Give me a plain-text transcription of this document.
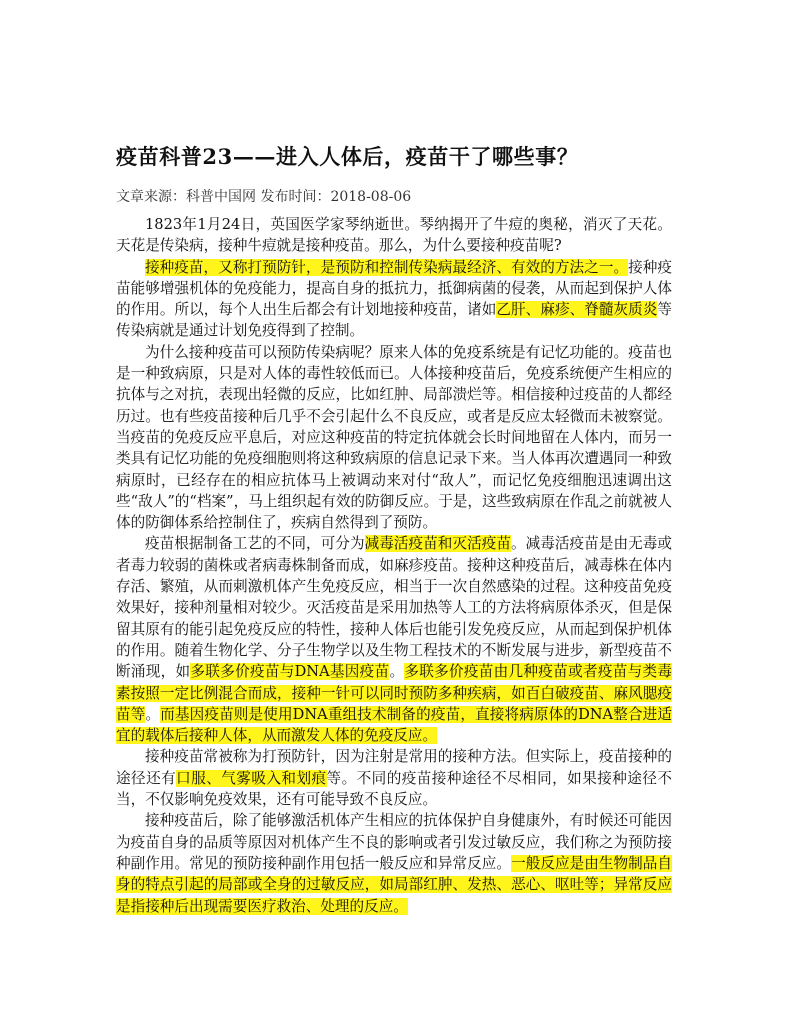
疫苗科普23——进入人体后，疫苗干了哪些事？
文章来源：科普中国网 发布时间：2018-08-06

1823年1月24日，英国医学家琴纳逝世。琴纳揭开了牛痘的奥秘，消灭了天花。天花是传染病，接种牛痘就是接种疫苗。那么，为什么要接种疫苗呢?

接种疫苗，又称打预防针，是预防和控制传染病最经济、有效的方法之一。接种疫苗能够增强机体的免疫能力，提高自身的抵抗力，抵御病菌的侵袭，从而起到保护人体的作用。所以，每个人出生后都会有计划地接种疫苗，诸如乙肝、麻疹、脊髓灰质炎等传染病就是通过计划免疫得到了控制。

为什么接种疫苗可以预防传染病呢？原来人体的免疫系统是有记忆功能的。疫苗也是一种致病原，只是对人体的毒性较低而已。人体接种疫苗后，免疫系统便产生相应的抗体与之对抗，表现出轻微的反应，比如红肿、局部溃烂等。相信接种过疫苗的人都经历过。也有些疫苗接种后几乎不会引起什么不良反应，或者是反应太轻微而未被察觉。当疫苗的免疫反应平息后，对应这种疫苗的特定抗体就会长时间地留在人体内，而另一类具有记忆功能的免疫细胞则将这种致病原的信息记录下来。当人体再次遭遇同一种致病原时，已经存在的相应抗体马上被调动来对付“敌人”，而记忆免疫细胞迅速调出这些“敌人”的“档案”，马上组织起有效的防御反应。于是，这些致病原在作乱之前就被人体的防御体系给控制住了，疾病自然得到了预防。

疫苗根据制备工艺的不同，可分为减毒活疫苗和灭活疫苗。减毒活疫苗是由无毒或者毒力较弱的菌株或者病毒株制备而成，如麻疹疫苗。接种这种疫苗后，减毒株在体内存活、繁殖，从而刺激机体产生免疫反应，相当于一次自然感染的过程。这种疫苗免疫效果好，接种剂量相对较少。灭活疫苗是采用加热等人工的方法将病原体杀灭，但是保留其原有的能引起免疫反应的特性，接种人体后也能引发免疫反应，从而起到保护机体的作用。随着生物化学、分子生物学以及生物工程技术的不断发展与进步，新型疫苗不断涌现，如多联多价疫苗与DNA基因疫苗。多联多价疫苗由几种疫苗或者疫苗与类毒素按照一定比例混合而成，接种一针可以同时预防多种疾病，如百白破疫苗、麻风腮疫苗等。而基因疫苗则是使用DNA重组技术制备的疫苗，直接将病原体的DNA整合进适宜的载体后接种人体，从而激发人体的免疫反应。

接种疫苗常被称为打预防针，因为注射是常用的接种方法。但实际上，疫苗接种的途径还有口服、气雾吸入和划痕等。不同的疫苗接种途径不尽相同，如果接种途径不当，不仅影响免疫效果，还有可能导致不良反应。

接种疫苗后，除了能够激活机体产生相应的抗体保护自身健康外，有时候还可能因为疫苗自身的品质等原因对机体产生不良的影响或者引发过敏反应，我们称之为预防接种副作用。常见的预防接种副作用包括一般反应和异常反应。一般反应是由生物制品自身的特点引起的局部或全身的过敏反应，如局部红肿、发热、恶心、呕吐等；异常反应是指接种后出现需要医疗救治、处理的反应。
